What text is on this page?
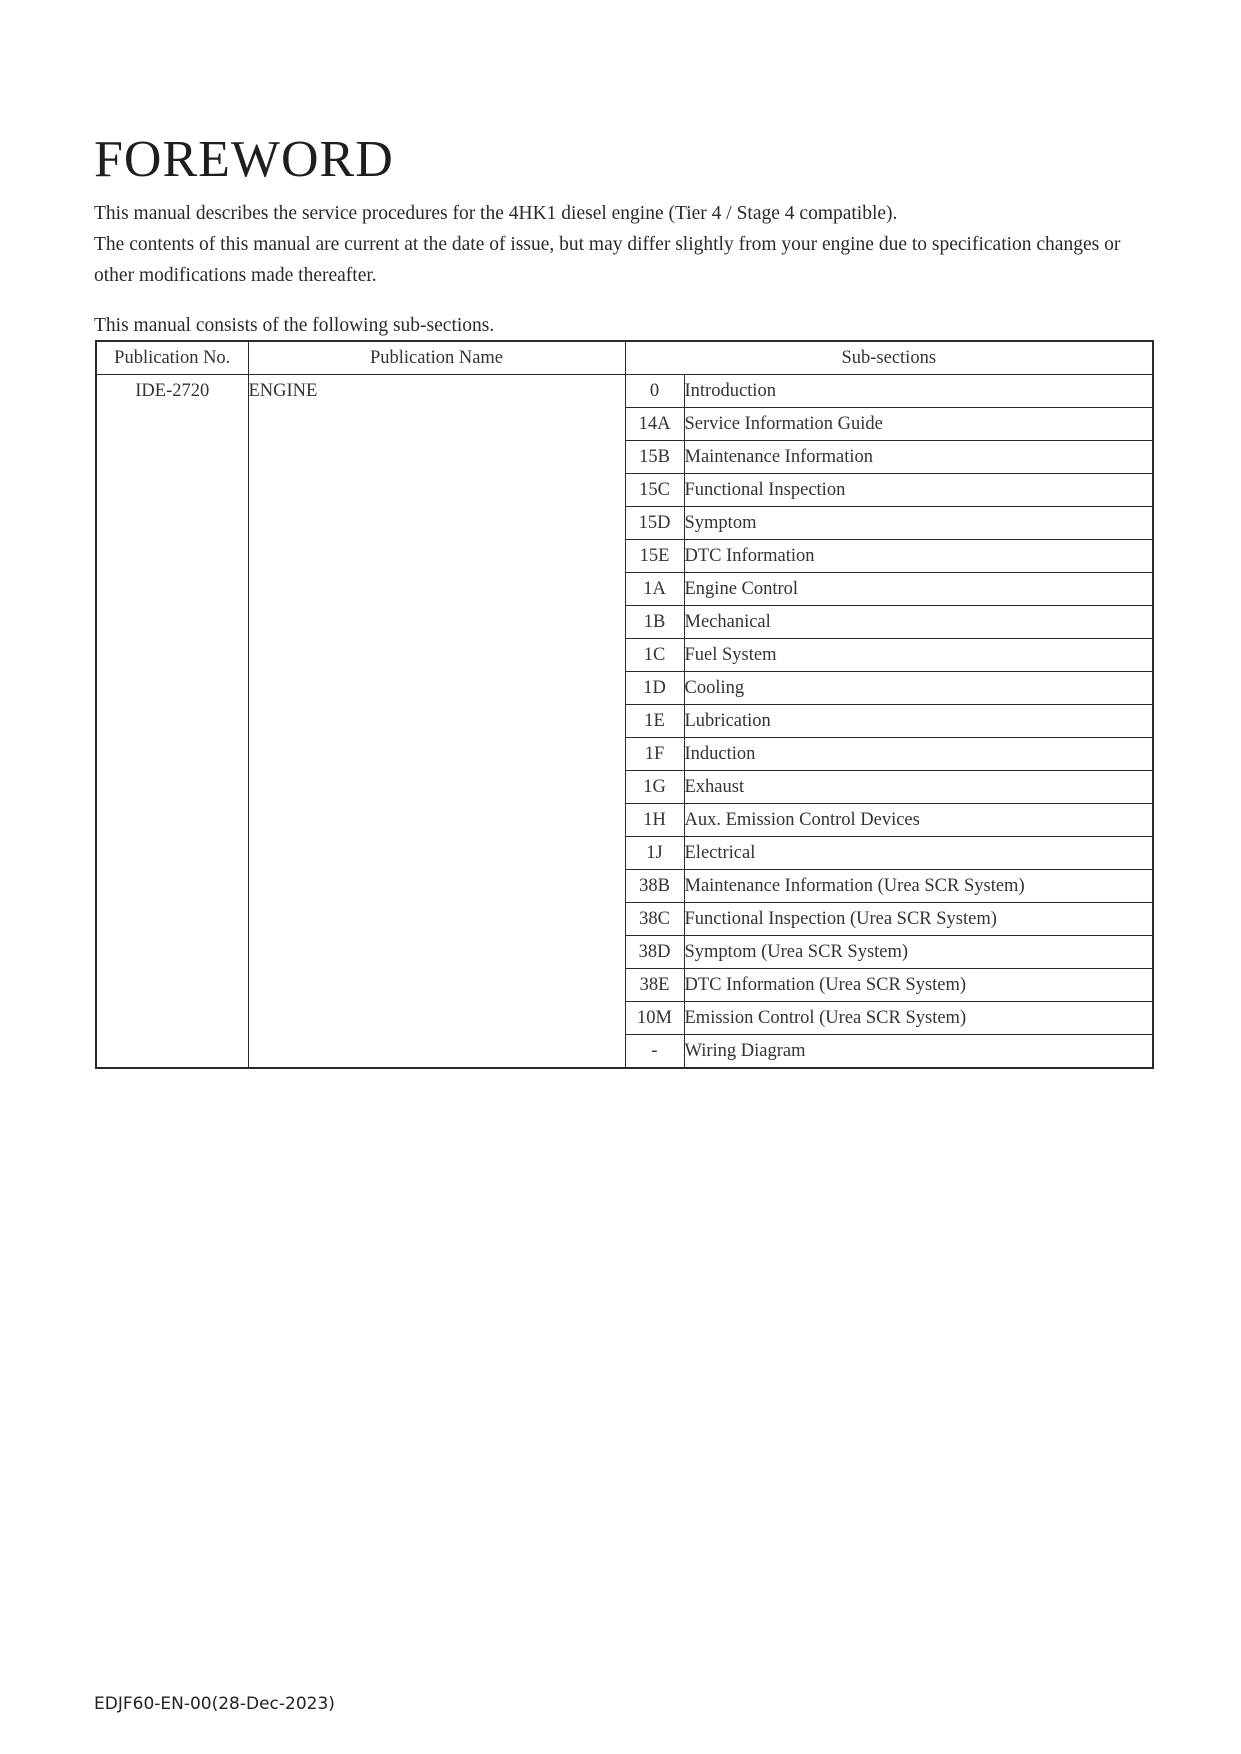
FOREWORD

This manual describes the service procedures for the 4HK1 diesel engine (Tier 4 / Stage 4 compatible).

The contents of this manual are current at the date of issue, but may differ slightly from your engine due to specification changes or other modifications made thereafter.

This manual consists of the following sub-sections.

Publication No.	Publication Name	Sub-sections	

IDE-2720	ENGINE	0	Introduction
		14A	Service Information Guide
		15B	Maintenance Information
		15C	Functional Inspection
		15D	Symptom
		15E	DTC Information
		1A	Engine Control
		1B	Mechanical
		1C	Fuel System
		1D	Cooling
		1E	Lubrication
		1F	Induction
		1G	Exhaust
		1H	Aux. Emission Control Devices
		1J	Electrical
		38B	Maintenance Information (Urea SCR System)
		38C	Functional Inspection (Urea SCR System)
		38D	Symptom (Urea SCR System)
		38E	DTC Information (Urea SCR System)
		10M	Emission Control (Urea SCR System)
		-	Wiring Diagram
EDJF60-EN-00(28-Dec-2023)
